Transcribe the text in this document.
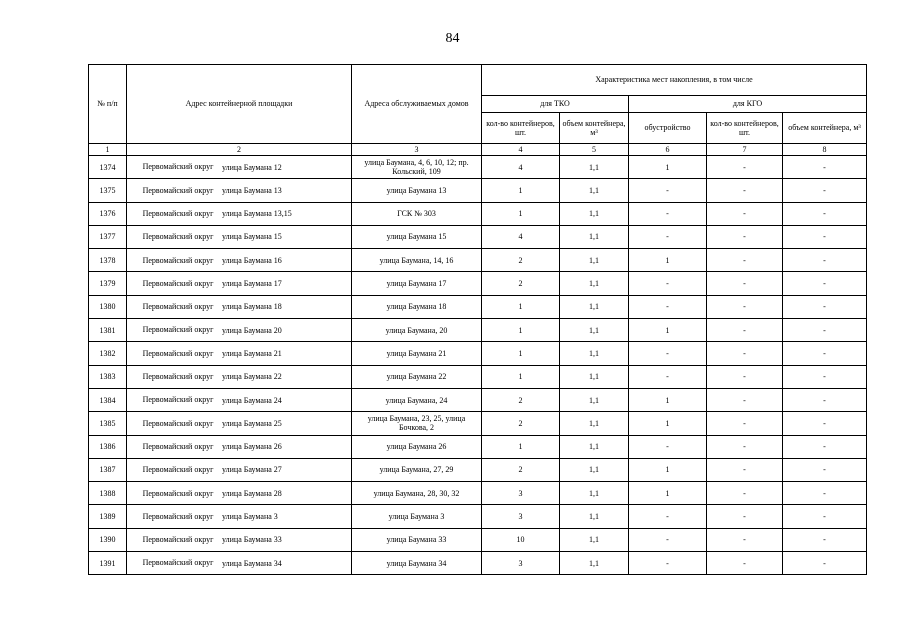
84
№ п/п	Адрес контейнерной площадки	Адреса обслуживаемых домов	Характеристика мест накопления, в том числе				
			для ТКО		для КГО		
			кол-во контейнеров, шт.	объем контейнера, м³	обустройство	кол-во контейнеров, шт.	объем контейнера, м³
1	2	3	4	5	6	7	8
1374	Первомайский округ улица Баумана 12	улица Баумана, 4, 6, 10, 12; пр. Кольский, 109	4	1,1	1	-	-
1375	Первомайский округ улица Баумана 13	улица Баумана 13	1	1,1	-	-	-
1376	Первомайский округ улица Баумана 13,15	ГСК № 303	1	1,1	-	-	-
1377	Первомайский округ улица Баумана 15	улица Баумана 15	4	1,1	-	-	-
1378	Первомайский округ улица Баумана 16	улица Баумана, 14, 16	2	1,1	1	-	-
1379	Первомайский округ улица Баумана 17	улица Баумана 17	2	1,1	-	-	-
1380	Первомайский округ улица Баумана 18	улица Баумана 18	1	1,1	-	-	-
1381	Первомайский округ улица Баумана 20	улица Баумана, 20	1	1,1	1	-	-
1382	Первомайский округ улица Баумана 21	улица Баумана 21	1	1,1	-	-	-
1383	Первомайский округ улица Баумана 22	улица Баумана 22	1	1,1	-	-	-
1384	Первомайский округ улица Баумана 24	улица Баумана, 24	2	1,1	1	-	-
1385	Первомайский округ улица Баумана 25	улица Баумана, 23, 25, улица Бочкова, 2	2	1,1	1	-	-
1386	Первомайский округ улица Баумана 26	улица Баумана 26	1	1,1	-	-	-
1387	Первомайский округ улица Баумана 27	улица Баумана, 27, 29	2	1,1	1	-	-
1388	Первомайский округ улица Баумана 28	улица Баумана, 28, 30, 32	3	1,1	1	-	-
1389	Первомайский округ улица Баумана 3	улица Баумана 3	3	1,1	-	-	-
1390	Первомайский округ улица Баумана 33	улица Баумана 33	10	1,1	-	-	-
1391	Первомайский округ улица Баумана 34	улица Баумана 34	3	1,1	-	-	-
